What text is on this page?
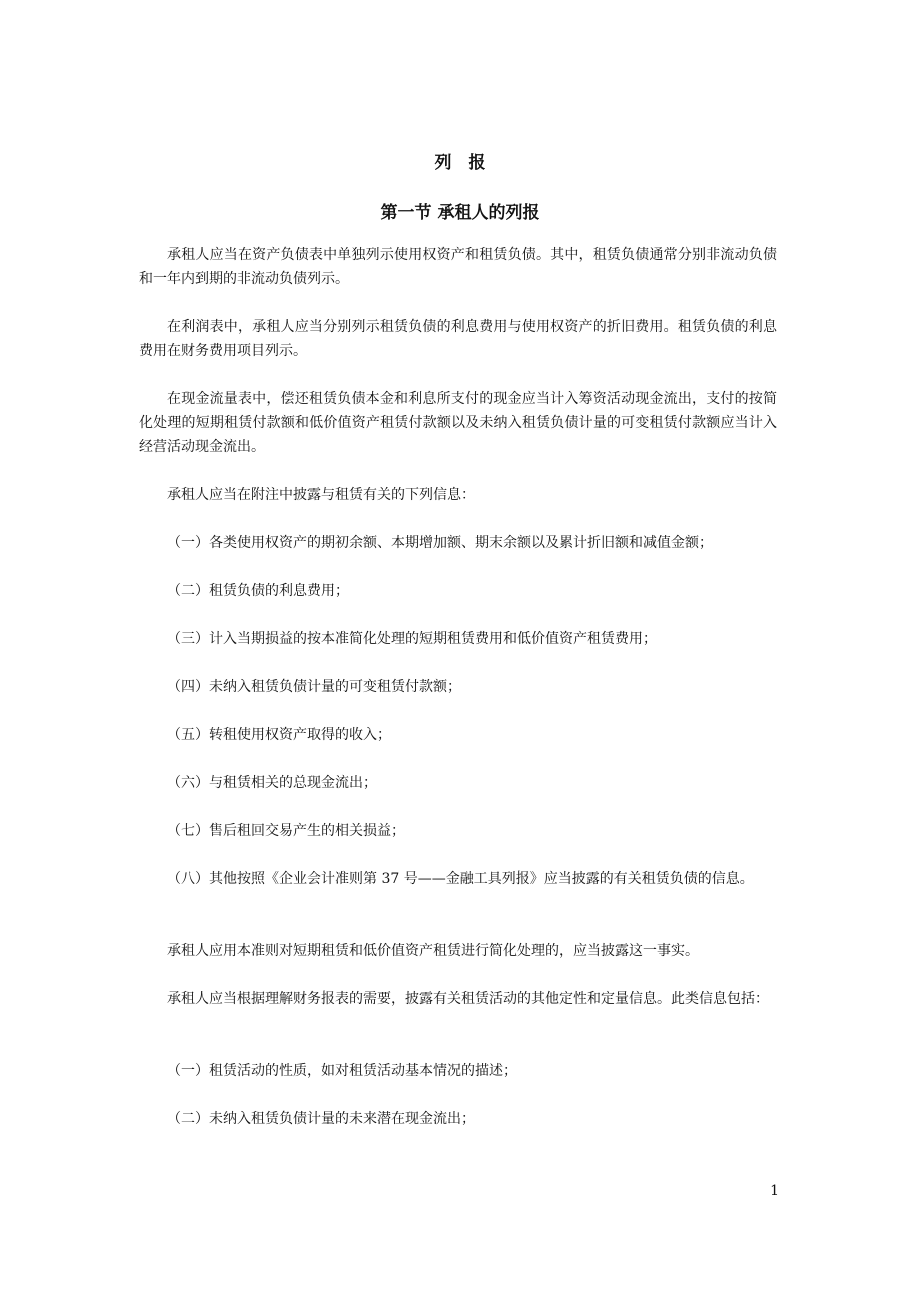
列　报
第一节 承租人的列报

承租人应当在资产负债表中单独列示使用权资产和租赁负债。其中，租赁负债通常分别非流动负债和一年内到期的非流动负债列示。

在利润表中，承租人应当分别列示租赁负债的利息费用与使用权资产的折旧费用。租赁负债的利息费用在财务费用项目列示。

在现金流量表中，偿还租赁负债本金和利息所支付的现金应当计入筹资活动现金流出，支付的按简化处理的短期租赁付款额和低价值资产租赁付款额以及未纳入租赁负债计量的可变租赁付款额应当计入经营活动现金流出。

承租人应当在附注中披露与租赁有关的下列信息：

（一）各类使用权资产的期初余额、本期增加额、期末余额以及累计折旧额和减值金额；

（二）租赁负债的利息费用；

（三）计入当期损益的按本准简化处理的短期租赁费用和低价值资产租赁费用；

（四）未纳入租赁负债计量的可变租赁付款额；

（五）转租使用权资产取得的收入；

（六）与租赁相关的总现金流出；

（七）售后租回交易产生的相关损益；

（八）其他按照《企业会计准则第 37 号——金融工具列报》应当披露的有关租赁负债的信息。

承租人应用本准则对短期租赁和低价值资产租赁进行简化处理的，应当披露这一事实。

承租人应当根据理解财务报表的需要，披露有关租赁活动的其他定性和定量信息。此类信息包括：

（一）租赁活动的性质，如对租赁活动基本情况的描述；

（二）未纳入租赁负债计量的未来潜在现金流出；

1
